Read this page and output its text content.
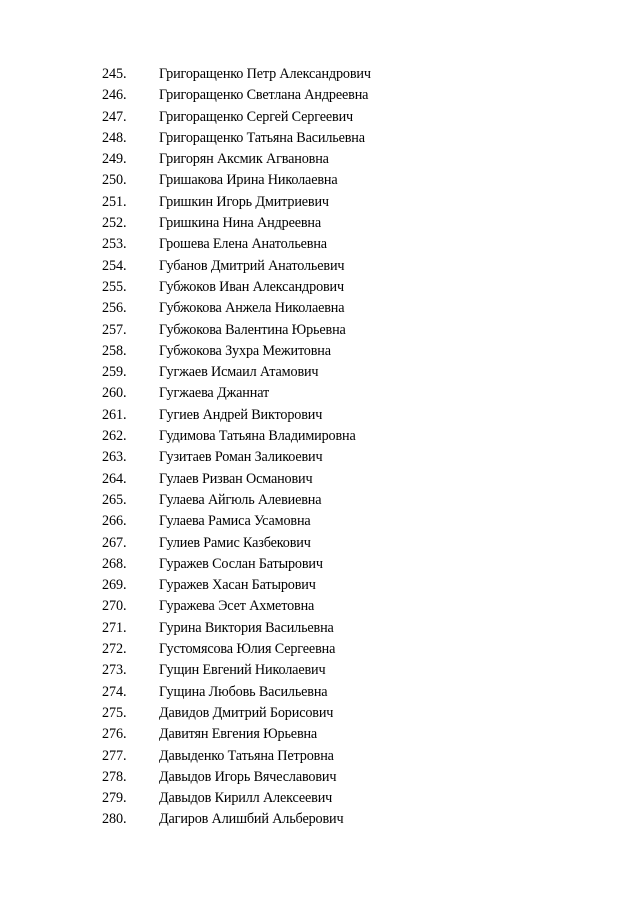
245. Григоращенко Петр Александрович
246. Григоращенко Светлана Андреевна
247. Григоращенко Сергей Сергеевич
248. Григоращенко Татьяна Васильевна
249. Григорян Аксмик Агвановна
250. Гришакова Ирина Николаевна
251. Гришкин Игорь Дмитриевич
252. Гришкина Нина Андреевна
253. Грошева Елена Анатольевна
254. Губанов Дмитрий Анатольевич
255. Губжоков Иван Александрович
256. Губжокова Анжела Николаевна
257. Губжокова Валентина Юрьевна
258. Губжокова Зухра Межитовна
259. Гугжаев Исмаил Атамович
260. Гугжаева Джаннат
261. Гугиев Андрей Викторович
262. Гудимова Татьяна Владимировна
263. Гузитаев Роман Заликоевич
264. Гулаев Ризван Османович
265. Гулаева Айгюль Алевиевна
266. Гулаева Рамиса Усамовна
267. Гулиев Рамис Казбекович
268. Гуражев Сослан Батырович
269. Гуражев Хасан Батырович
270. Гуражева Эсет Ахметовна
271. Гурина Виктория Васильевна
272. Густомясова Юлия Сергеевна
273. Гущин Евгений Николаевич
274. Гущина Любовь Васильевна
275. Давидов Дмитрий Борисович
276. Давитян Евгения Юрьевна
277. Давыденко Татьяна Петровна
278. Давыдов Игорь Вячеславович
279. Давыдов Кирилл Алексеевич
280. Дагиров Алишбий Альберович
